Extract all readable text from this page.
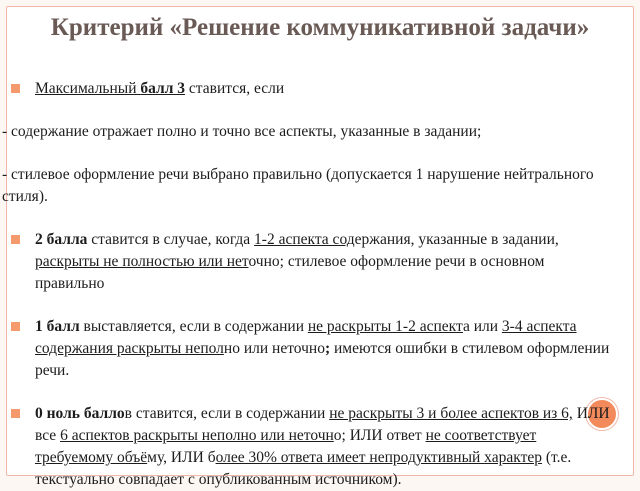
Критерий «Решение коммуникативной задачи»
Максимальный балл 3 ставится, если
- содержание отражает полно и точно все аспекты, указанные в задании;
- стилевое оформление речи выбрано правильно (допускается 1 нарушение нейтрального стиля).
2 балла ставится в случае, когда 1-2 аспекта содержания, указанные в задании, раскрыты не полностью или неточно; стилевое оформление речи в основном правильно
1 балл выставляется, если в содержании не раскрыты 1-2 аспекта или 3-4 аспекта содержания раскрыты неполно или неточно; имеются ошибки в стилевом оформлении речи.
0 ноль баллов ставится, если в содержании не раскрыты 3 и более аспектов из 6, ИЛИ все 6 аспектов раскрыты неполно или неточно; ИЛИ ответ не соответствует требуемому объёму, ИЛИ более 30% ответа имеет непродуктивный характер (т.е. текстуально совпадает с опубликованным источником).
